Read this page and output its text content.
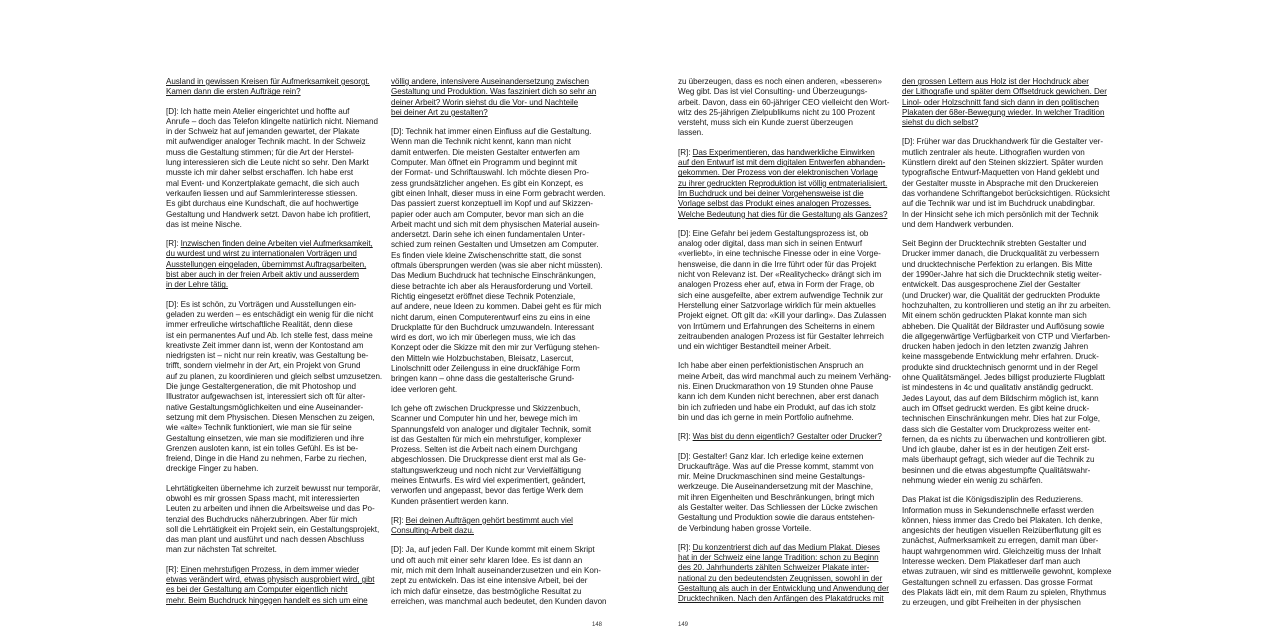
Ausland in gewissen Kreisen für Aufmerksamkeit gesorgt.
Kamen dann die ersten Aufträge rein?
[D]: Ich hatte mein Atelier eingerichtet und hoffte auf
Anrufe – doch das Telefon klingelte natürlich nicht. Niemand
in der Schweiz hat auf jemanden gewartet, der Plakate
mit aufwendiger analoger Technik macht. In der Schweiz
muss die Gestaltung stimmen; für die Art der Herstel-
lung interessieren sich die Leute nicht so sehr. Den Markt
musste ich mir daher selbst erschaffen. Ich habe erst
mal Event- und Konzertplakate gemacht, die sich auch
verkaufen liessen und auf Sammlerinteresse stiessen.
Es gibt durchaus eine Kundschaft, die auf hochwertige
Gestaltung und Handwerk setzt. Davon habe ich profitiert,
das ist meine Nische.
[R]: Inzwischen finden deine Arbeiten viel Aufmerksamkeit,
du wurdest und wirst zu internationalen Vorträgen und
Ausstellungen eingeladen, übernimmst Auftragsarbeiten,
bist aber auch in der freien Arbeit aktiv und ausserdem
in der Lehre tätig.
[D]: Es ist schön, zu Vorträgen und Ausstellungen ein-
geladen zu werden – es entschädigt ein wenig für die nicht
immer erfreuliche wirtschaftliche Realität, denn diese
ist ein permanentes Auf und Ab. Ich stelle fest, dass meine
kreativste Zeit immer dann ist, wenn der Kontostand am
niedrigsten ist – nicht nur rein kreativ, was Gestaltung be-
trifft, sondern vielmehr in der Art, ein Projekt von Grund
auf zu planen, zu koordinieren und gleich selbst umzusetzen.
Die junge Gestaltergeneration, die mit Photoshop und
Illustrator aufgewachsen ist, interessiert sich oft für alter-
native Gestaltungsmöglichkeiten und eine Auseinander-
setzung mit dem Physischen. Diesen Menschen zu zeigen,
wie «alte» Technik funktioniert, wie man sie für seine
Gestaltung einsetzen, wie man sie modifizieren und ihre
Grenzen ausloten kann, ist ein tolles Gefühl. Es ist be-
freiend, Dinge in die Hand zu nehmen, Farbe zu riechen,
dreckige Finger zu haben.
Lehrtätigkeiten übernehme ich zurzeit bewusst nur temporär,
obwohl es mir grossen Spass macht, mit interessierten
Leuten zu arbeiten und ihnen die Arbeitsweise und das Po-
tenzial des Buchdrucks näherzubringen. Aber für mich
soll die Lehrtätigkeit ein Projekt sein, ein Gestaltungsprojekt,
das man plant und ausführt und nach dessen Abschluss
man zur nächsten Tat schreitet.
[R]: Einen mehrstufigen Prozess, in dem immer wieder
etwas verändert wird, etwas physisch ausprobiert wird, gibt
es bei der Gestaltung am Computer eigentlich nicht
mehr. Beim Buchdruck hingegen handelt es sich um eine
völlig andere, intensivere Auseinandersetzung zwischen
Gestaltung und Produktion. Was fasziniert dich so sehr an
deiner Arbeit? Worin siehst du die Vor- und Nachteile
bei deiner Art zu gestalten?
[D]: Technik hat immer einen Einfluss auf die Gestaltung.
Wenn man die Technik nicht kennt, kann man nicht
damit entwerfen. Die meisten Gestalter entwerfen am
Computer. Man öffnet ein Programm und beginnt mit
der Format- und Schriftauswahl. Ich möchte diesen Pro-
zess grundsätzlicher angehen. Es gibt ein Konzept, es
gibt einen Inhalt, dieser muss in eine Form gebracht werden.
Das passiert zuerst konzeptuell im Kopf und auf Skizzen-
papier oder auch am Computer, bevor man sich an die
Arbeit macht und sich mit dem physischen Material ausein-
andersetzt. Darin sehe ich einen fundamentalen Unter-
schied zum reinen Gestalten und Umsetzen am Computer.
Es finden viele kleine Zwischenschritte statt, die sonst
oftmals übersprungen werden (was sie aber nicht müssten).
Das Medium Buchdruck hat technische Einschränkungen,
diese betrachte ich aber als Herausforderung und Vorteil.
Richtig eingesetzt eröffnet diese Technik Potenziale,
auf andere, neue Ideen zu kommen. Dabei geht es für mich
nicht darum, einen Computerentwurf eins zu eins in eine
Druckplatte für den Buchdruck umzuwandeln. Interessant
wird es dort, wo ich mir überlegen muss, wie ich das
Konzept oder die Skizze mit den mir zur Verfügung stehen-
den Mitteln wie Holzbuchstaben, Bleisatz, Lasercut,
Linolschnitt oder Zeilenguss in eine druckfähige Form
bringen kann – ohne dass die gestalterische Grund-
idee verloren geht.
Ich gehe oft zwischen Druckpresse und Skizzenbuch,
Scanner und Computer hin und her, bewege mich im
Spannungsfeld von analoger und digitaler Technik, somit
ist das Gestalten für mich ein mehrstufiger, komplexer
Prozess. Selten ist die Arbeit nach einem Durchgang
abgeschlossen. Die Druckpresse dient erst mal als Ge-
staltungswerkzeug und noch nicht zur Vervielfältigung
meines Entwurfs. Es wird viel experimentiert, geändert,
verworfen und angepasst, bevor das fertige Werk dem
Kunden präsentiert werden kann.
[R]: Bei deinen Aufträgen gehört bestimmt auch viel
Consulting-Arbeit dazu.
[D]: Ja, auf jeden Fall. Der Kunde kommt mit einem Skript
und oft auch mit einer sehr klaren Idee. Es ist dann an
mir, mich mit dem Inhalt auseinanderzusetzen und ein Kon-
zept zu entwickeln. Das ist eine intensive Arbeit, bei der
ich mich dafür einsetze, das bestmögliche Resultat zu
erreichen, was manchmal auch bedeutet, den Kunden davon
zu überzeugen, dass es noch einen anderen, «besseren»
Weg gibt. Das ist viel Consulting- und Überzeugungs-
arbeit. Davon, dass ein 60-jähriger CEO vielleicht den Wort-
witz des 25-jährigen Zielpublikums nicht zu 100 Prozent
versteht, muss sich ein Kunde zuerst überzeugen
lassen.
[R]: Das Experimentieren, das handwerkliche Einwirken
auf den Entwurf ist mit dem digitalen Entwerfen abhanden-
gekommen. Der Prozess von der elektronischen Vorlage
zu ihrer gedruckten Reproduktion ist völlig entmaterialisiert.
Im Buchdruck und bei deiner Vorgehensweise ist die
Vorlage selbst das Produkt eines analogen Prozesses.
Welche Bedeutung hat dies für die Gestaltung als Ganzes?
[D]: Eine Gefahr bei jedem Gestaltungsprozess ist, ob
analog oder digital, dass man sich in seinen Entwurf
«verliebt», in eine technische Finesse oder in eine Vorge-
hensweise, die dann in die Irre führt oder für das Projekt
nicht von Relevanz ist. Der «Realitycheck» drängt sich im
analogen Prozess eher auf, etwa in Form der Frage, ob
sich eine ausgefeilte, aber extrem aufwendige Technik zur
Herstellung einer Satzvorlage wirklich für mein aktuelles
Projekt eignet. Oft gilt da: «Kill your darling». Das Zulassen
von Irrtümern und Erfahrungen des Scheiterns in einem
zeitraubenden analogen Prozess ist für Gestalter lehrreich
und ein wichtiger Bestandteil meiner Arbeit.
Ich habe aber einen perfektionistischen Anspruch an
meine Arbeit, das wird manchmal auch zu meinem Verhäng-
nis. Einen Druckmarathon von 19 Stunden ohne Pause
kann ich dem Kunden nicht berechnen, aber erst danach
bin ich zufrieden und habe ein Produkt, auf das ich stolz
bin und das ich gerne in mein Portfolio aufnehme.
[R]: Was bist du denn eigentlich? Gestalter oder Drucker?
[D]: Gestalter! Ganz klar. Ich erledige keine externen
Druckaufträge. Was auf die Presse kommt, stammt von
mir. Meine Druckmaschinen sind meine Gestaltungs-
werkzeuge. Die Auseinandersetzung mit der Maschine,
mit ihren Eigenheiten und Beschränkungen, bringt mich
als Gestalter weiter. Das Schliessen der Lücke zwischen
Gestaltung und Produktion sowie die daraus entstehen-
de Verbindung haben grosse Vorteile.
[R]: Du konzentrierst dich auf das Medium Plakat. Dieses
hat in der Schweiz eine lange Tradition: schon zu Beginn
des 20. Jahrhunderts zählten Schweizer Plakate inter-
national zu den bedeutendsten Zeugnissen, sowohl in der
Gestaltung als auch in der Entwicklung und Anwendung der
Drucktechniken. Nach den Anfängen des Plakatdrucks mit
den grossen Lettern aus Holz ist der Hochdruck aber
der Lithografie und später dem Offsetdruck gewichen. Der
Linol- oder Holzschnitt fand sich dann in den politischen
Plakaten der 68er-Bewegung wieder. In welcher Tradition
siehst du dich selbst?
[D]: Früher war das Druckhandwerk für die Gestalter ver-
mutlich zentraler als heute. Lithografien wurden von
Künstlern direkt auf den Steinen skizziert. Später wurden
typografische Entwurf-Maquetten von Hand geklebt und
der Gestalter musste in Absprache mit den Druckereien
das vorhandene Schriftangebot berücksichtigen. Rücksicht
auf die Technik war und ist im Buchdruck unabdingbar.
In der Hinsicht sehe ich mich persönlich mit der Technik
und dem Handwerk verbunden.
Seit Beginn der Drucktechnik strebten Gestalter und
Drucker immer danach, die Druckqualität zu verbessern
und drucktechnische Perfektion zu erlangen. Bis Mitte
der 1990er-Jahre hat sich die Drucktechnik stetig weiter-
entwickelt. Das ausgesprochene Ziel der Gestalter
(und Drucker) war, die Qualität der gedruckten Produkte
hochzuhalten, zu kontrollieren und stetig an ihr zu arbeiten.
Mit einem schön gedruckten Plakat konnte man sich
abheben. Die Qualität der Bildraster und Auflösung sowie
die allgegenwärtige Verfügbarkeit von CTP und Vierfarben-
drucken haben jedoch in den letzten zwanzig Jahren
keine massgebende Entwicklung mehr erfahren. Druck-
produkte sind drucktechnisch genormt und in der Regel
ohne Qualitätsmängel. Jedes billigst produzierte Flugblatt
ist mindestens in 4c und qualitativ anständig gedruckt.
Jedes Layout, das auf dem Bildschirm möglich ist, kann
auch im Offset gedruckt werden. Es gibt keine druck-
technischen Einschränkungen mehr. Dies hat zur Folge,
dass sich die Gestalter vom Druckprozess weiter ent-
fernen, da es nichts zu überwachen und kontrollieren gibt.
Und ich glaube, daher ist es in der heutigen Zeit erst-
mals überhaupt gefragt, sich wieder auf die Technik zu
besinnen und die etwas abgestumpfte Qualitätswahr-
nehmung wieder ein wenig zu schärfen.
Das Plakat ist die Königsdisziplin des Reduzierens.
Information muss in Sekundenschnelle erfasst werden
können, hiess immer das Credo bei Plakaten. Ich denke,
angesichts der heutigen visuellen Reizüberflutung gilt es
zunächst, Aufmerksamkeit zu erregen, damit man über-
haupt wahrgenommen wird. Gleichzeitig muss der Inhalt
Interesse wecken. Dem Plakatleser darf man auch
etwas zutrauen, wir sind es mittlerweile gewohnt, komplexe
Gestaltungen schnell zu erfassen. Das grosse Format
des Plakats lädt ein, mit dem Raum zu spielen, Rhythmus
zu erzeugen, und gibt Freiheiten in der physischen
148	149
